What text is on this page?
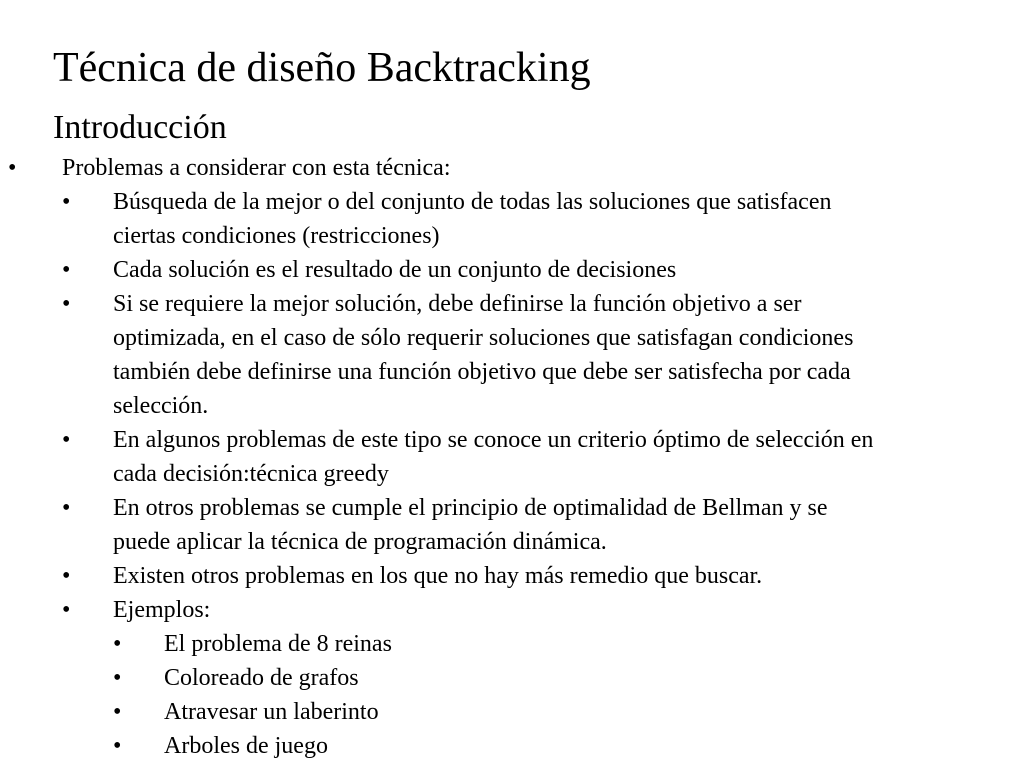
Técnica de diseño Backtracking
Introducción
•	Problemas a considerar con esta técnica:
•	Búsqueda de la mejor o del conjunto de todas las soluciones que satisfacen
ciertas condiciones (restricciones)
•	Cada solución es el resultado de un conjunto de decisiones
•	Si se requiere la mejor solución, debe definirse la función objetivo a ser
optimizada, en el caso de sólo requerir soluciones que satisfagan condiciones
también debe definirse una función objetivo que debe ser satisfecha por cada
selección.
•	En algunos problemas de este tipo se conoce un criterio óptimo de selección en
cada decisión:técnica greedy
•	En otros problemas se cumple el principio de optimalidad de Bellman y se
puede aplicar la técnica de programación dinámica.
•	Existen otros problemas en los que no hay más remedio que buscar.
•	Ejemplos:
•	El problema de 8 reinas
•	Coloreado de grafos
•	Atravesar un laberinto
•	Arboles de juego
